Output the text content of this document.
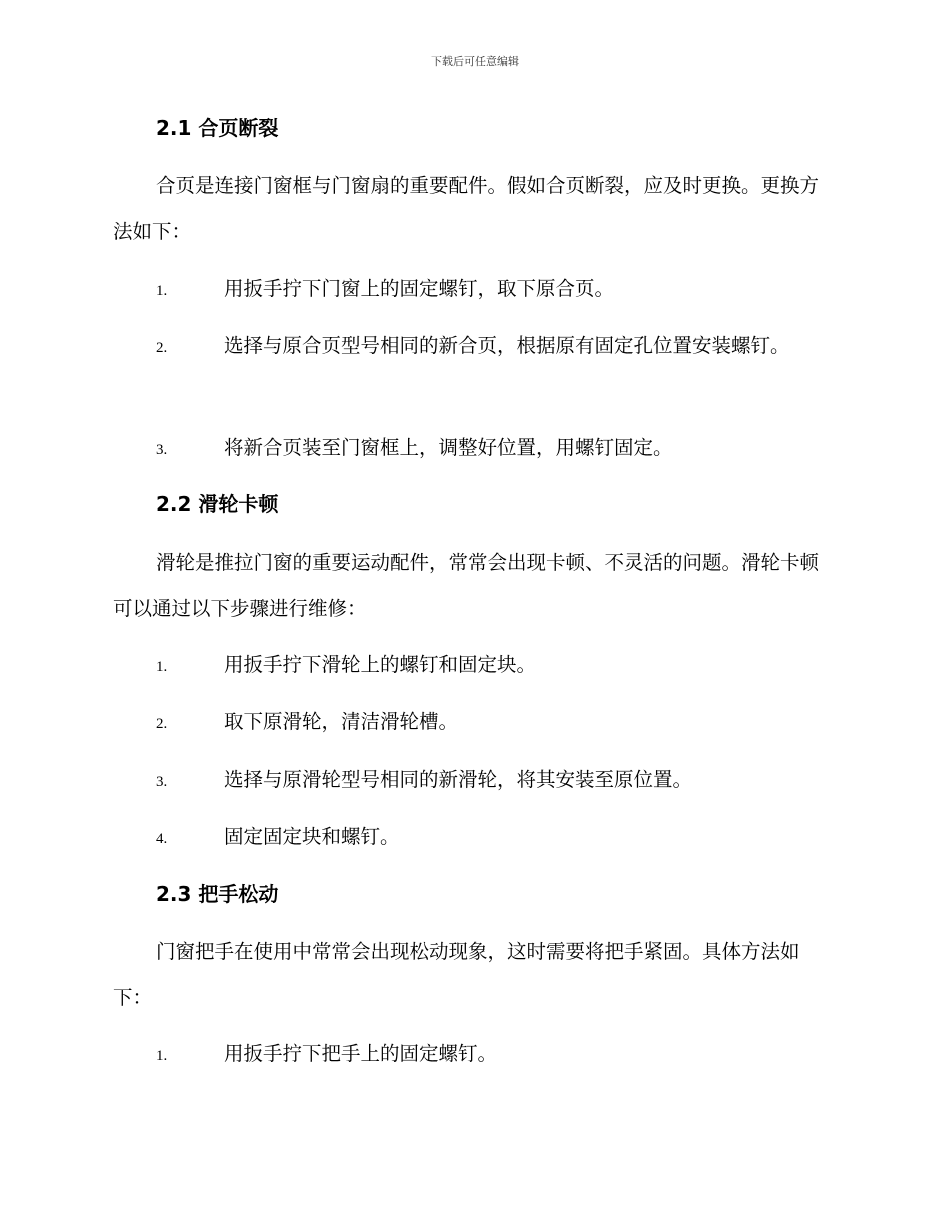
下载后可任意编辑
2.1 合页断裂

合页是连接门窗框与门窗扇的重要配件。假如合页断裂，应及时更换。更换方法如下：

1.	用扳手拧下门窗上的固定螺钉，取下原合页。

2.	选择与原合页型号相同的新合页，根据原有固定孔位置安装螺钉。

3.	将新合页装至门窗框上，调整好位置，用螺钉固定。

2.2 滑轮卡顿

滑轮是推拉门窗的重要运动配件，常常会出现卡顿、不灵活的问题。滑轮卡顿可以通过以下步骤进行维修：

1.	用扳手拧下滑轮上的螺钉和固定块。

2.	取下原滑轮，清洁滑轮槽。

3.	选择与原滑轮型号相同的新滑轮，将其安装至原位置。

4.	固定固定块和螺钉。

2.3 把手松动

门窗把手在使用中常常会出现松动现象，这时需要将把手紧固。具体方法如下：

1.	用扳手拧下把手上的固定螺钉。
